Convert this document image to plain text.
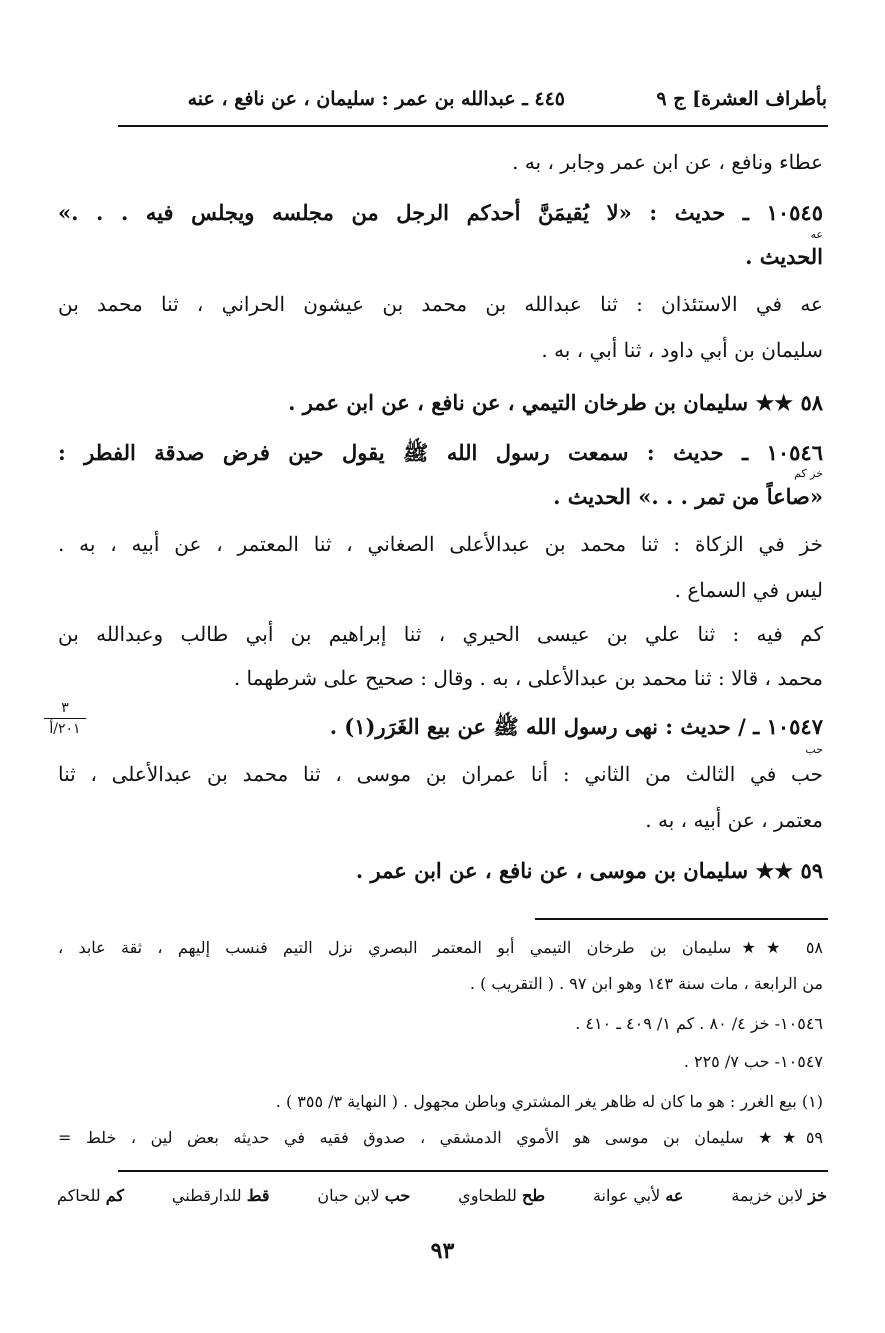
بأطراف العشرة] ج ٩
٤٤٥ ـ عبدالله بن عمر : سليمان ، عن نافع ، عنه
عطاء ونافع ، عن ابن عمر وجابر ، به .
١٠٥٤٥ ـ حديث : «لا يُقيمَنَّ أحدكم الرجل من مجلسه ويجلس فيه . . .»
عه
الحديث .
عه في الاستئذان : ثنا عبدالله بن محمد بن عيشون الحراني ، ثنا محمد بن
سليمان بن أبي داود ، ثنا أبي ، به .
٥٨ ★★ سليمان بن طرخان التيمي ، عن نافع ، عن ابن عمر .
١٠٥٤٦ ـ حديث : سمعت رسول الله ﷺ يقول حين فرض صدقة الفطر :
خز كم
«صاعاً من تمر . . .» الحديث .
خز في الزكاة : ثنا محمد بن عبدالأعلى الصغاني ، ثنا المعتمر ، عن أبيه ، به .
ليس في السماع .
كم فيه : ثنا علي بن عيسى الحيري ، ثنا إبراهيم بن أبي طالب وعبدالله بن
محمد ، قالا : ثنا محمد بن عبدالأعلى ، به . وقال : صحيح على شرطهما .
١٠٥٤٧ ـ / حديث : نهى رسول الله ﷺ عن بيع الغَرَر(١) .
حب
حب في الثالث من الثاني : أنا عمران بن موسى ، ثنا محمد بن عبدالأعلى ، ثنا
معتمر ، عن أبيه ، به .
٥٩ ★★ سليمان بن موسى ، عن نافع ، عن ابن عمر .
٣
٢٠١/أ
٥٨ ★★سليمان بن طرخان التيمي أبو المعتمر البصري نزل التيم فنسب إليهم ، ثقة عابد ،
من الرابعة ، مات سنة ١٤٣ وهو ابن ٩٧ . ( التقريب ) .
١٠٥٤٦- خز ٤/ ٨٠ . كم ١/ ٤٠٩ ـ ٤١٠ .
١٠٥٤٧- حب ٧/ ٢٢٥ .
(١) بيع الغرر : هو ما كان له ظاهر يغر المشتري وباطن مجهول . ( النهاية ٣/ ٣٥٥ ) .
٥٩★★ سليمان بن موسى هو الأموي الدمشقي ، صدوق فقيه في حديثه بعض لين ، خلط =
خز لابن خزيمة
عه لأبي عوانة
طح للطحاوي
حب لابن حبان
قط للدارقطني
كم للحاكم
٩٣
